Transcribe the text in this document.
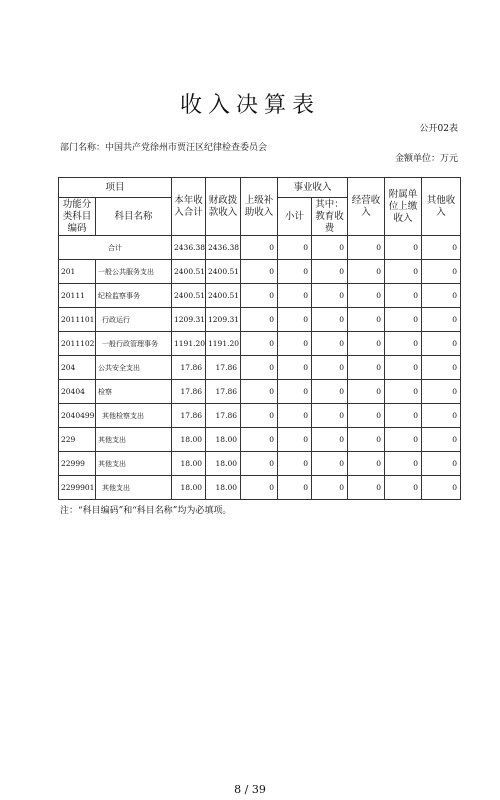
收入决算表
公开02表
部门名称：中国共产党徐州市贾汪区纪律检查委员会
金额单位：万元
项目		本年收入合计	财政拨款收入	上级补助收入	事业收入		经营收入	附属单位上缴收入	其他收入
功能分类科目编码	科目名称				小计	其中：教育收费			
合计		2436.38	2436.38	0	0	0	0	0	0
201	一般公共服务支出	2400.51	2400.51	0	0	0	0	0	0
20111	纪检监察事务	2400.51	2400.51	0	0	0	0	0	0
2011101	行政运行	1209.31	1209.31	0	0	0	0	0	0
2011102	一般行政管理事务	1191.20	1191.20	0	0	0	0	0	0
204	公共安全支出	17.86	17.86	0	0	0	0	0	0
20404	检察	17.86	17.86	0	0	0	0	0	0
2040499	其他检察支出	17.86	17.86	0	0	0	0	0	0
229	其他支出	18.00	18.00	0	0	0	0	0	0
22999	其他支出	18.00	18.00	0	0	0	0	0	0
2299901	其他支出	18.00	18.00	0	0	0	0	0	0
注：“科目编码”和“科目名称”均为必填项。
8 / 39
